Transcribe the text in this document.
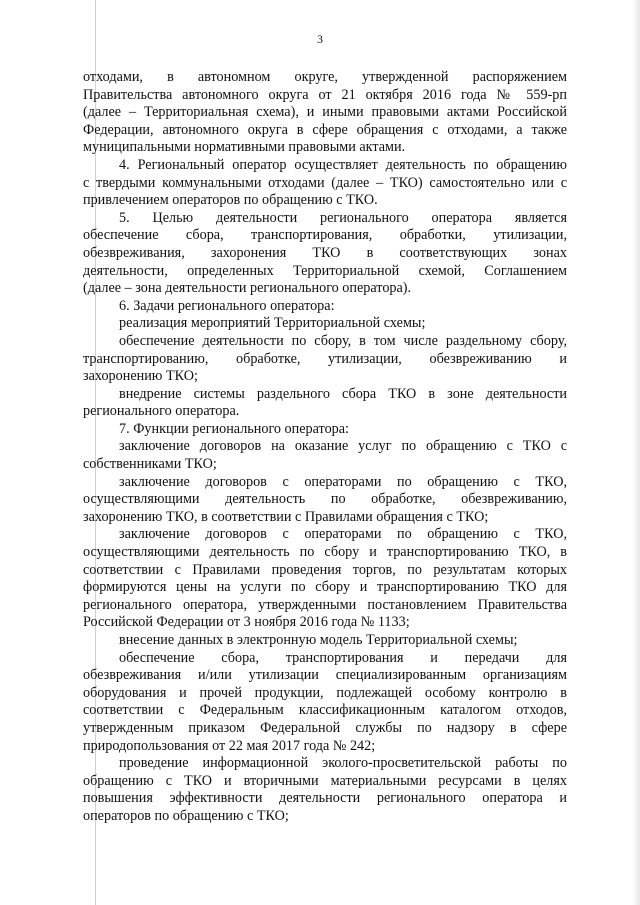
3

отходами, в автономном округе, утвержденной распоряжением

Правительства автономного округа от 21 октября 2016 года № 559-рп

(далее – Территориальная схема), и иными правовыми актами Российской

Федерации, автономного округа в сфере обращения с отходами, а также

муниципальными нормативными правовыми актами.

4. Региональный оператор осуществляет деятельность по обращению

с твердыми коммунальными отходами (далее – ТКО) самостоятельно или с

привлечением операторов по обращению с ТКО.

5. Целью деятельности регионального оператора является

обеспечение сбора, транспортирования, обработки, утилизации,

обезвреживания, захоронения ТКО в соответствующих зонах

деятельности, определенных Территориальной схемой, Соглашением

(далее – зона деятельности регионального оператора).

6. Задачи регионального оператора:

реализация мероприятий Территориальной схемы;

обеспечение деятельности по сбору, в том числе раздельному сбору,

транспортированию, обработке, утилизации, обезвреживанию и

захоронению ТКО;

внедрение системы раздельного сбора ТКО в зоне деятельности

регионального оператора.

7. Функции регионального оператора:

заключение договоров на оказание услуг по обращению с ТКО с

собственниками ТКО;

заключение договоров с операторами по обращению с ТКО,

осуществляющими деятельность по обработке, обезвреживанию,

захоронению ТКО, в соответствии с Правилами обращения с ТКО;

заключение договоров с операторами по обращению с ТКО,

осуществляющими деятельность по сбору и транспортированию ТКО, в

соответствии с Правилами проведения торгов, по результатам которых

формируются цены на услуги по сбору и транспортированию ТКО для

регионального оператора, утвержденными постановлением Правительства

Российской Федерации от 3 ноября 2016 года № 1133;

внесение данных в электронную модель Территориальной схемы;

обеспечение сбора, транспортирования и передачи для

обезвреживания и/или утилизации специализированным организациям

оборудования и прочей продукции, подлежащей особому контролю в

соответствии с Федеральным классификационным каталогом отходов,

утвержденным приказом Федеральной службы по надзору в сфере

природопользования от 22 мая 2017 года № 242;

проведение информационной эколого-просветительской работы по

обращению с ТКО и вторичными материальными ресурсами в целях

повышения эффективности деятельности регионального оператора и

операторов по обращению с ТКО;
